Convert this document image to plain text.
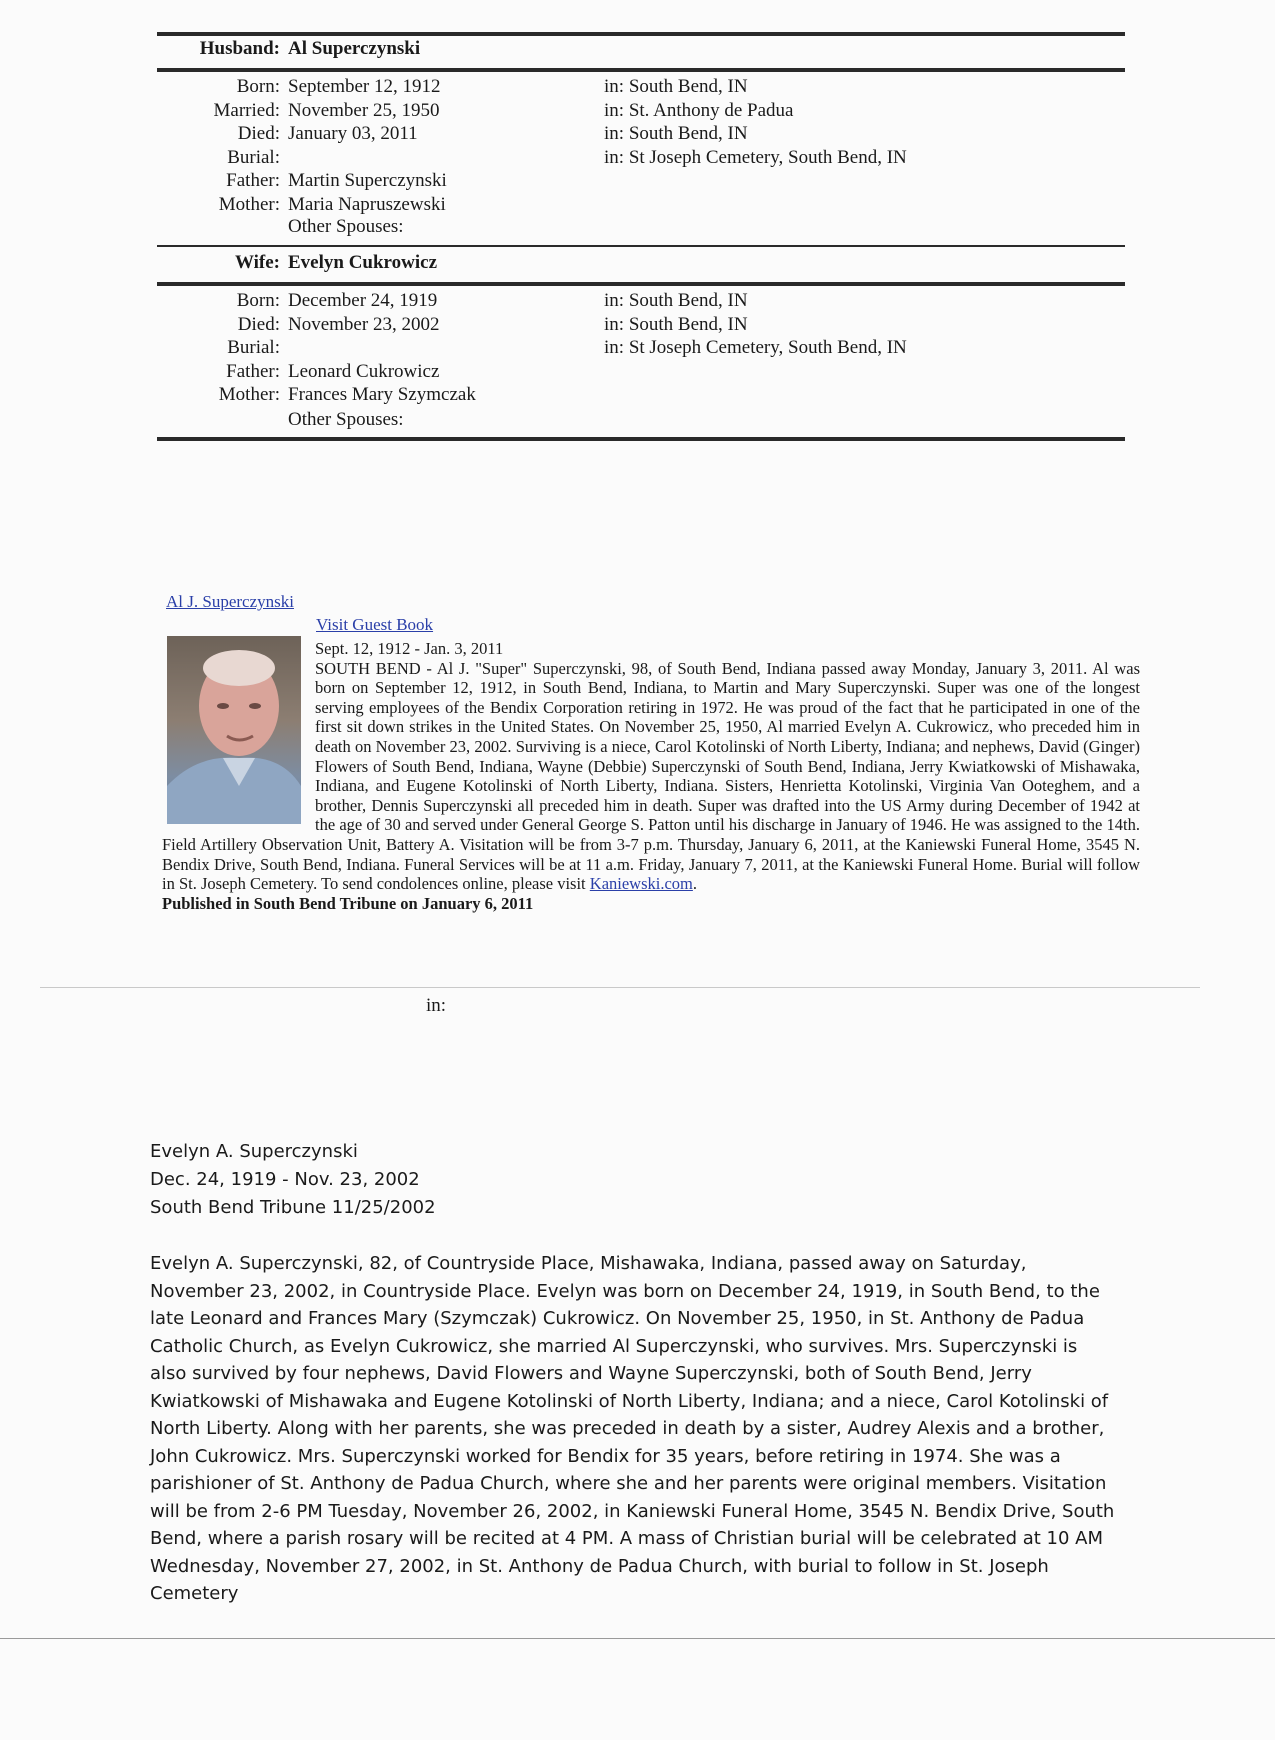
Husband: Al Superczynski
Born: September 12, 1912	in: South Bend, IN
Married: November 25, 1950	in: St. Anthony de Padua
Died: January 03, 2011	in: South Bend, IN
Burial:	in: St Joseph Cemetery, South Bend, IN
Father: Martin Superczynski
Mother: Maria Napruszewski
Other Spouses:
Wife: Evelyn Cukrowicz
Born: December 24, 1919	in: South Bend, IN
Died: November 23, 2002	in: South Bend, IN
Burial:	in: St Joseph Cemetery, South Bend, IN
Father: Leonard Cukrowicz
Mother: Frances Mary Szymczak
Other Spouses:
Al J. Superczynski
Visit Guest Book
Sept. 12, 1912 - Jan. 3, 2011
SOUTH BEND - Al J. "Super" Superczynski, 98, of South Bend, Indiana passed away Monday, January 3, 2011. Al was born on September 12, 1912, in South Bend, Indiana, to Martin and Mary Superczynski. Super was one of the longest serving employees of the Bendix Corporation retiring in 1972. He was proud of the fact that he participated in one of the first sit down strikes in the United States. On November 25, 1950, Al married Evelyn A. Cukrowicz, who preceded him in death on November 23, 2002. Surviving is a niece, Carol Kotolinski of North Liberty, Indiana; and nephews, David (Ginger) Flowers of South Bend, Indiana, Wayne (Debbie) Superczynski of South Bend, Indiana, Jerry Kwiatkowski of Mishawaka, Indiana, and Eugene Kotolinski of North Liberty, Indiana. Sisters, Henrietta Kotolinski, Virginia Van Ooteghem, and a brother, Dennis Superczynski all preceded him in death. Super was drafted into the US Army during December of 1942 at the age of 30 and served under General George S. Patton until his discharge in January of 1946. He was assigned to the 14th. Field Artillery Observation Unit, Battery A. Visitation will be from 3-7 p.m. Thursday, January 6, 2011, at the Kaniewski Funeral Home, 3545 N. Bendix Drive, South Bend, Indiana. Funeral Services will be at 11 a.m. Friday, January 7, 2011, at the Kaniewski Funeral Home. Burial will follow in St. Joseph Cemetery. To send condolences online, please visit Kaniewski.com.
Published in South Bend Tribune on January 6, 2011
in:
Evelyn A. Superczynski
Dec. 24, 1919 - Nov. 23, 2002
South Bend Tribune 11/25/2002
Evelyn A. Superczynski, 82, of Countryside Place, Mishawaka, Indiana, passed away on Saturday, November 23, 2002, in Countryside Place. Evelyn was born on December 24, 1919, in South Bend, to the late Leonard and Frances Mary (Szymczak) Cukrowicz. On November 25, 1950, in St. Anthony de Padua Catholic Church, as Evelyn Cukrowicz, she married Al Superczynski, who survives. Mrs. Superczynski is also survived by four nephews, David Flowers and Wayne Superczynski, both of South Bend, Jerry Kwiatkowski of Mishawaka and Eugene Kotolinski of North Liberty, Indiana; and a niece, Carol Kotolinski of North Liberty. Along with her parents, she was preceded in death by a sister, Audrey Alexis and a brother, John Cukrowicz. Mrs. Superczynski worked for Bendix for 35 years, before retiring in 1974. She was a parishioner of St. Anthony de Padua Church, where she and her parents were original members. Visitation will be from 2-6 PM Tuesday, November 26, 2002, in Kaniewski Funeral Home, 3545 N. Bendix Drive, South Bend, where a parish rosary will be recited at 4 PM. A mass of Christian burial will be celebrated at 10 AM Wednesday, November 27, 2002, in St. Anthony de Padua Church, with burial to follow in St. Joseph Cemetery
